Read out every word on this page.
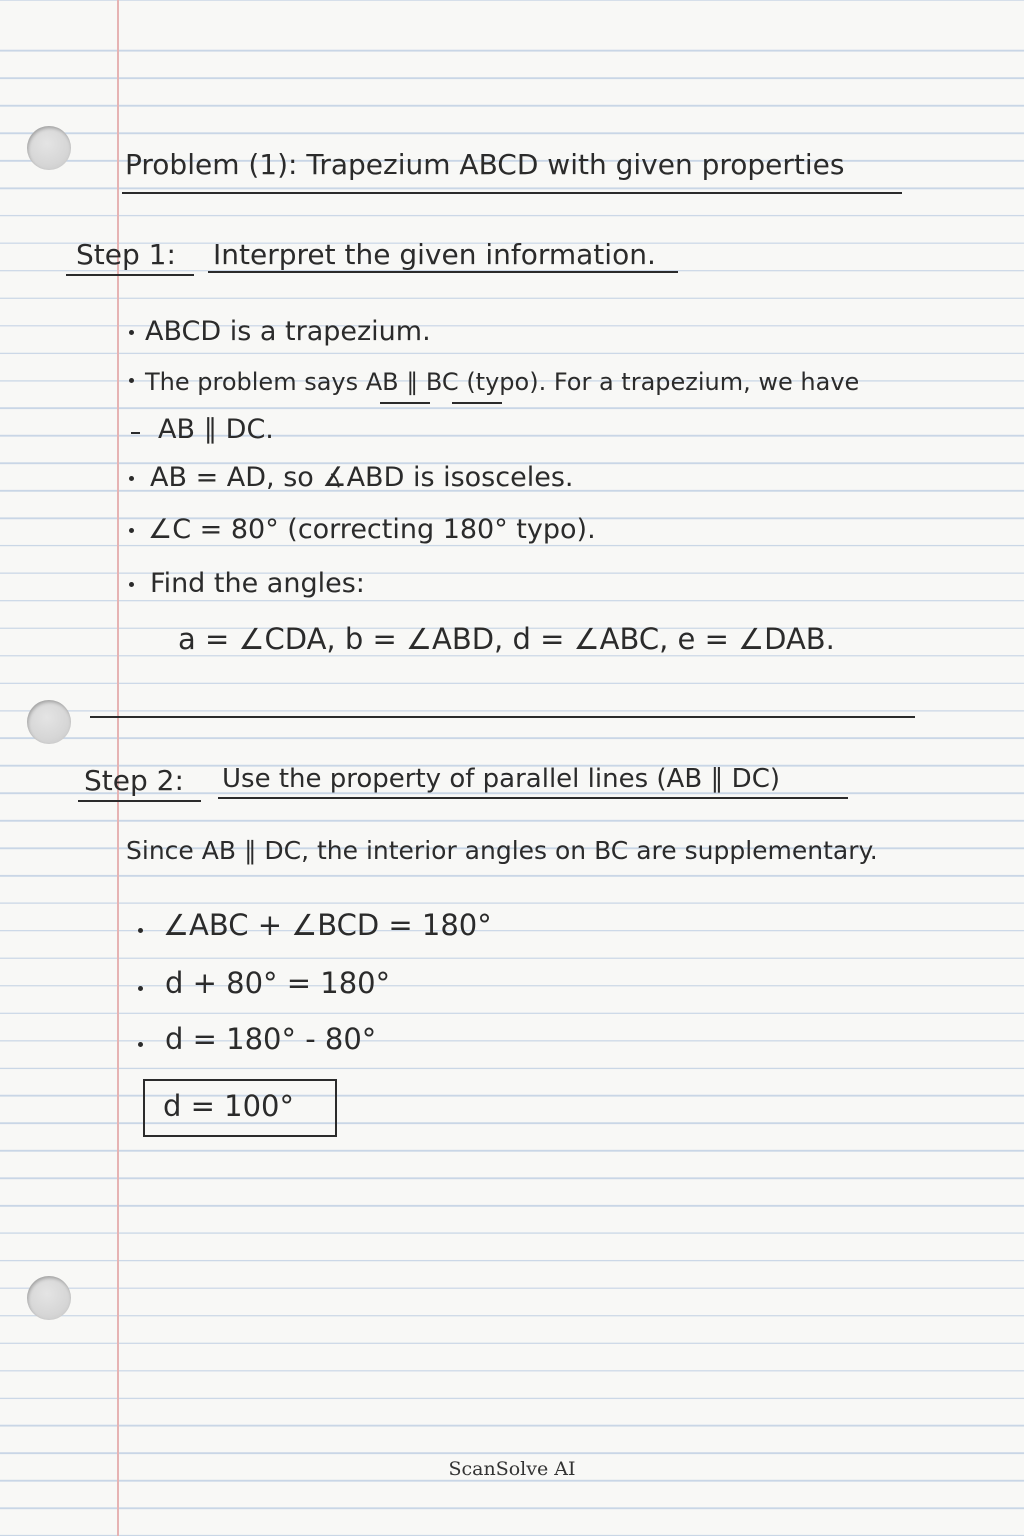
Problem (1): Trapezium ABCD with given properties
Step 1: Interpret the given information.
ABCD is a trapezium.
The problem says AB ∥ BC (typo). For a trapezium, we have
AB ∥ DC.
AB = AD, so ∡ABD is isosceles.
∠C = 80° (correcting 180° typo).
Find the angles:
a = ∠CDA, b = ∠ABD, d = ∠ABC, e = ∠DAB.
Step 2: Use the property of parallel lines (AB ∥ DC)
Since AB ∥ DC, the interior angles on BC are supplementary.
∠ABC + ∠BCD = 180°
d + 80° = 180°
d = 180° - 80°
d = 100°
ScanSolve AI
